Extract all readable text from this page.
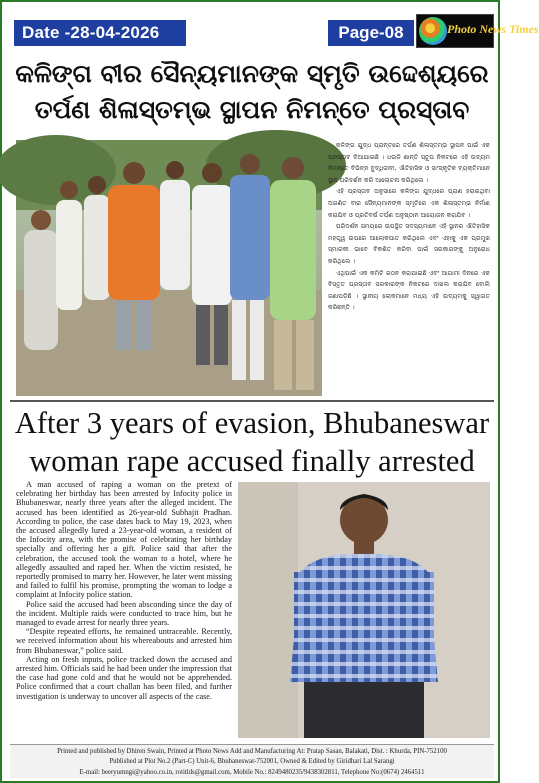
Date -28-04-2026	Page-08	Photo News Times
କଳିଙ୍ଗ ବୀର ସୈନ୍ୟମାନଙ୍କ ସ୍ମୃତି ଉଦ୍ଦେଶ୍ୟରେ
ତର୍ପଣ ଶିଳାସ୍ତମ୍ଭ ସ୍ଥାପନ ନିମନ୍ତେ ପ୍ରସ୍ତାବ

କଳିଙ୍ଗ ଯୁଦ୍ଧ ପ୍ରାନ୍ତରେ ତର୍ପଣ ଶିଳାସ୍ତମ୍ଭ ସ୍ଥାପନ ପାଇଁ ଏକ ପ୍ରସ୍ତାବ ଦିଆଯାଇଛି । ଧଉଳି ଶାନ୍ତି ସ୍ତୂପ ନିକଟରେ ଏହି ଉଦ୍ୟମ ନିମନ୍ତେ ବିଭିନ୍ନ ବୁଦ୍ଧିଜୀବୀ, ଐତିହାସିକ ଓ ସାଂସ୍କୃତିକ ବ୍ୟକ୍ତିମାନେ ସ୍ଥାନ ପରିଦର୍ଶନ କରି ଆଲୋଚନା କରିଥିଲେ ।

ଏହି ପ୍ରସ୍ତାବ ଅନୁସାରେ କଳିଙ୍ଗ ଯୁଦ୍ଧରେ ପ୍ରାଣ ହରାଇଥିବା ଅଗଣିତ ବୀର ସୈନ୍ୟମାନଙ୍କ ସ୍ମୃତିରେ ଏକ ଶିଳାସ୍ତମ୍ଭ ନିର୍ମାଣ କରାଯିବ ଓ ପ୍ରତିବର୍ଷ ତର୍ପଣ ଅନୁଷ୍ଠାନ ଆୟୋଜନ କରାଯିବ ।

ପରିଦର୍ଶନ ସମୟରେ ଉପସ୍ଥିତ ସଦସ୍ୟମାନେ ଏହି ସ୍ଥାନର ଐତିହାସିକ ମହତ୍ତ୍ୱ ଉପରେ ଆଲୋକପାତ କରିଥିଲେ ଏବଂ ଏହାକୁ ଏକ ପ୍ରମୁଖ ସ୍ମାରକୀ ଭାବେ ବିକଶିତ କରିବା ପାଇଁ ସରକାରଙ୍କୁ ଅନୁରୋଧ କରିଥିଲେ ।

ଏଥିପାଇଁ ଏକ କମିଟି ଗଠନ କରାଯାଇଛି ଏବଂ ଆଗାମୀ ଦିନରେ ଏକ ବିସ୍ତୃତ ପ୍ରସ୍ତାବ ସରକାରଙ୍କ ନିକଟରେ ଦାଖଲ କରାଯିବ ବୋଲି ଜଣାପଡ଼ିଛି । ସ୍ଥାନୀୟ ଲୋକମାନେ ମଧ୍ୟ ଏହି ଉଦ୍ୟମକୁ ସ୍ୱାଗତ କରିଛନ୍ତି ।

After 3 years of evasion, Bhubaneswar
woman rape accused finally arrested

A man accused of raping a woman on the pretext of celebrating her birthday has been arrested by Infocity police in Bhubaneswar, nearly three years after the alleged incident. The accused has been identified as 26-year-old Subhajit Pradhan. According to police, the case dates back to May 19, 2023, when the accused allegedly lured a 23-year-old woman, a resident of the Infocity area, with the promise of celebrating her birthday specially and offering her a gift. Police said that after the celebration, the accused took the woman to a hotel, where he allegedly assaulted and raped her. When the victim resisted, he reportedly promised to marry her. However, he later went missing and failed to fulfil his promise, prompting the woman to lodge a complaint at Infocity police station.

Police said the accused had been absconding since the day of the incident. Multiple raids were conducted to trace him, but he managed to evade arrest for nearly three years.

“Despite repeated efforts, he remained untraceable. Recently, we received information about his whereabouts and arrested him from Bhubaneswar,” police said.

Acting on fresh inputs, police tracked down the accused and arrested him. Officials said he had been under the impression that the case had gone cold and that he would not be apprehended. Police confirmed that a court challan has been filed, and further investigation is underway to uncover all aspects of the case.

Printed and published by Dhiren Swain, Printed at Photo News Add and Manufacturing At: Pratap Sasan, Balakati, Dist. : Khurda, PIN-752100
Published at Plot No.2 (Part-C) Unit-6, Bhubaneswar-752001, Owned & Edited by Giridhari Lal Sarangi
E-mail: beeryumngi@yahoo.co.in, rotitlds@gmail.com, Mobile No.: 8249480235/9438302811, Telephone No:(0674) 2464511
